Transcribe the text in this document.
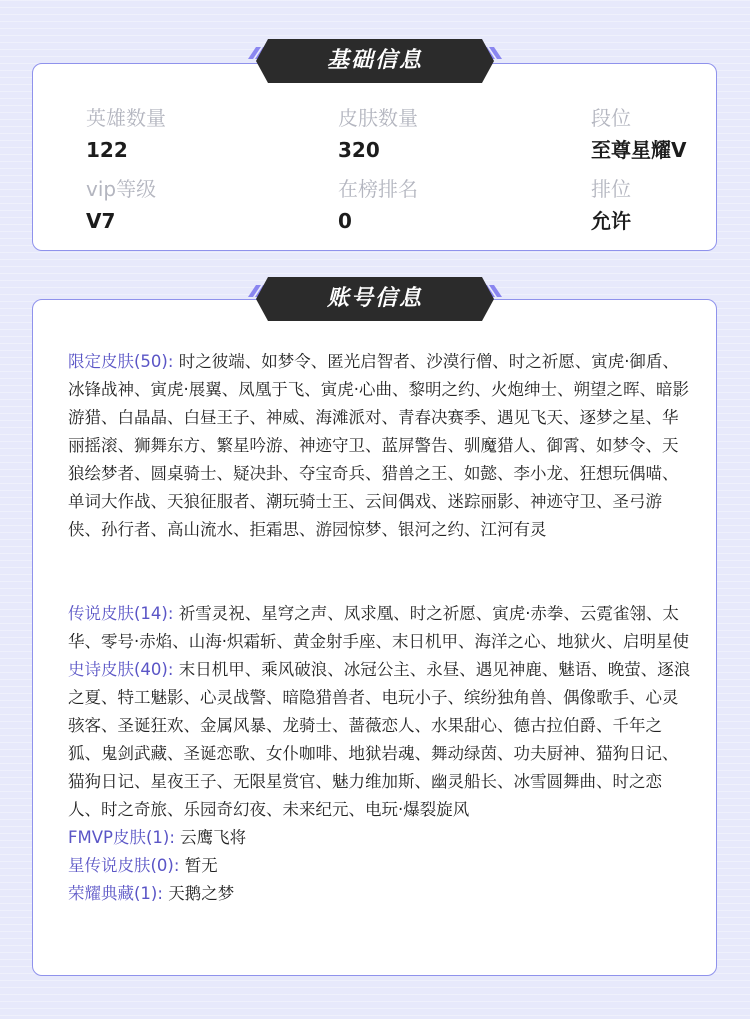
英雄数量
122
皮肤数量
320
段位
至尊星耀V
vip等级
V7
在榜排名
0
排位
允许
基础信息
账号信息

限定皮肤(50): 时之彼端、如梦令、匿光启智者、沙漠行僧、时之祈愿、寅虎·御盾、冰锋战神、寅虎·展翼、凤凰于飞、寅虎·心曲、黎明之约、火炮绅士、朔望之晖、暗影游猎、白晶晶、白昼王子、神威、海滩派对、青春决赛季、遇见飞天、逐梦之星、华丽摇滚、狮舞东方、繁星吟游、神迹守卫、蓝屏警告、驯魔猎人、御霄、如梦令、天狼绘梦者、圆桌骑士、疑决卦、夺宝奇兵、猎兽之王、如懿、李小龙、狂想玩偶喵、单词大作战、天狼征服者、潮玩骑士王、云间偶戏、迷踪丽影、神迹守卫、圣弓游侠、孙行者、高山流水、拒霜思、游园惊梦、银河之约、江河有灵

传说皮肤(14): 祈雪灵祝、星穹之声、凤求凰、时之祈愿、寅虎·赤拳、云霓雀翎、太华、零号·赤焰、山海·炽霜斩、黄金射手座、末日机甲、海洋之心、地狱火、启明星使

史诗皮肤(40): 末日机甲、乘风破浪、冰冠公主、永昼、遇见神鹿、魅语、晚萤、逐浪之夏、特工魅影、心灵战警、暗隐猎兽者、电玩小子、缤纷独角兽、偶像歌手、心灵骇客、圣诞狂欢、金属风暴、龙骑士、蔷薇恋人、水果甜心、德古拉伯爵、千年之狐、鬼剑武藏、圣诞恋歌、女仆咖啡、地狱岩魂、舞动绿茵、功夫厨神、猫狗日记、猫狗日记、星夜王子、无限星赏官、魅力维加斯、幽灵船长、冰雪圆舞曲、时之恋人、时之奇旅、乐园奇幻夜、未来纪元、电玩·爆裂旋风

FMVP皮肤(1): 云鹰飞将

星传说皮肤(0): 暂无

荣耀典藏(1): 天鹅之梦
